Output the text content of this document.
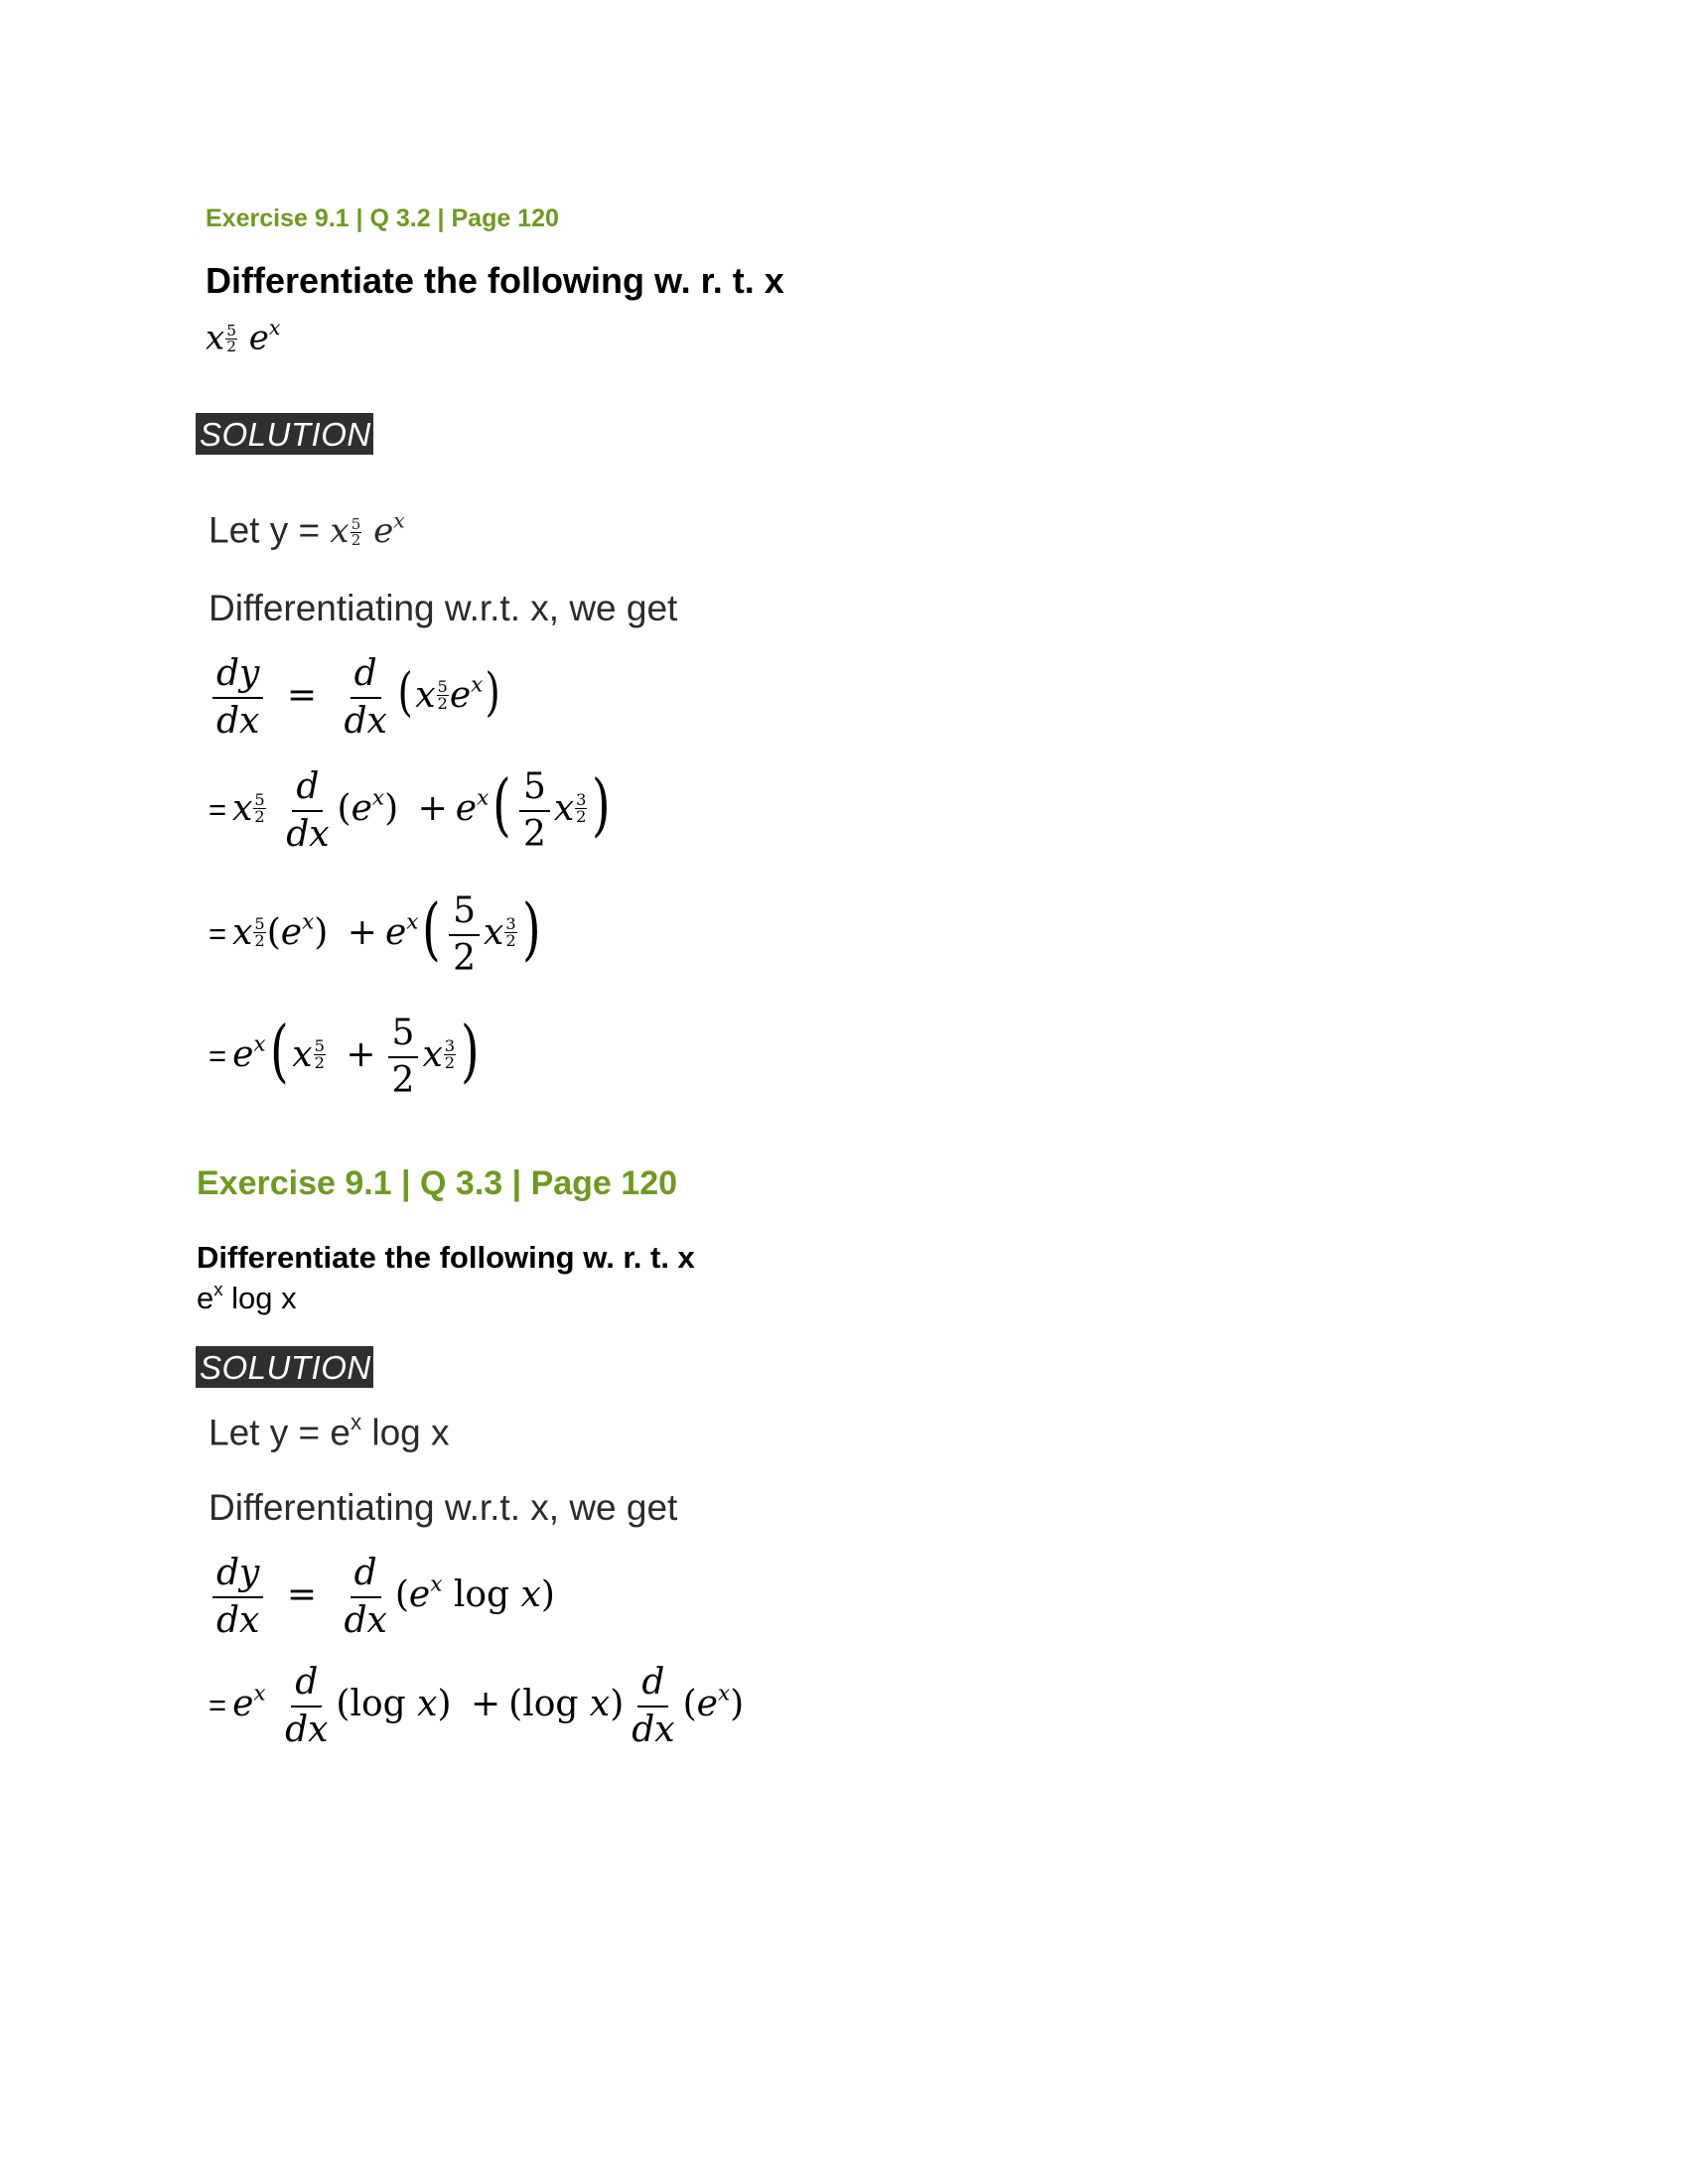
Exercise 9.1 | Q 3.2 | Page 120
Differentiate the following w. r. t. x
x $\frac{5}{2} e^x$
SOLUTION
Let y = x $\frac{5}{2} e^x$
Differentiating w.r.t. x, we get
$\frac{dy}{dx} = \frac{d}{dx} (x \frac{5}{2} e^x)$
= x $\frac{5}{2}$
$\frac{d}{dx} (e^x) + e^x( \frac{5}{2}$ x $\frac{3}{2}$ )
= x $\frac{5}{2} (e^x) + e^x( \frac{5}{2}$ x $\frac{3}{2}$ )
= $e^x$( x $\frac{5}{2} + \frac{5}{2}$ x $\frac{3}{2}$ )
Exercise 9.1 | Q 3.3 | Page 120
Differentiate the following w. r. t. x
$e^x$ log x
SOLUTION
Let $y = e^x$ log x
Differentiating w.r.t. x, we get
$\frac{dy}{dx} = \frac{d}{dx} (e^x$ log x)
= $e^x \frac{d}{dx} (\log$ x) + (log $x) \frac{d}{dx} (e^x)$
